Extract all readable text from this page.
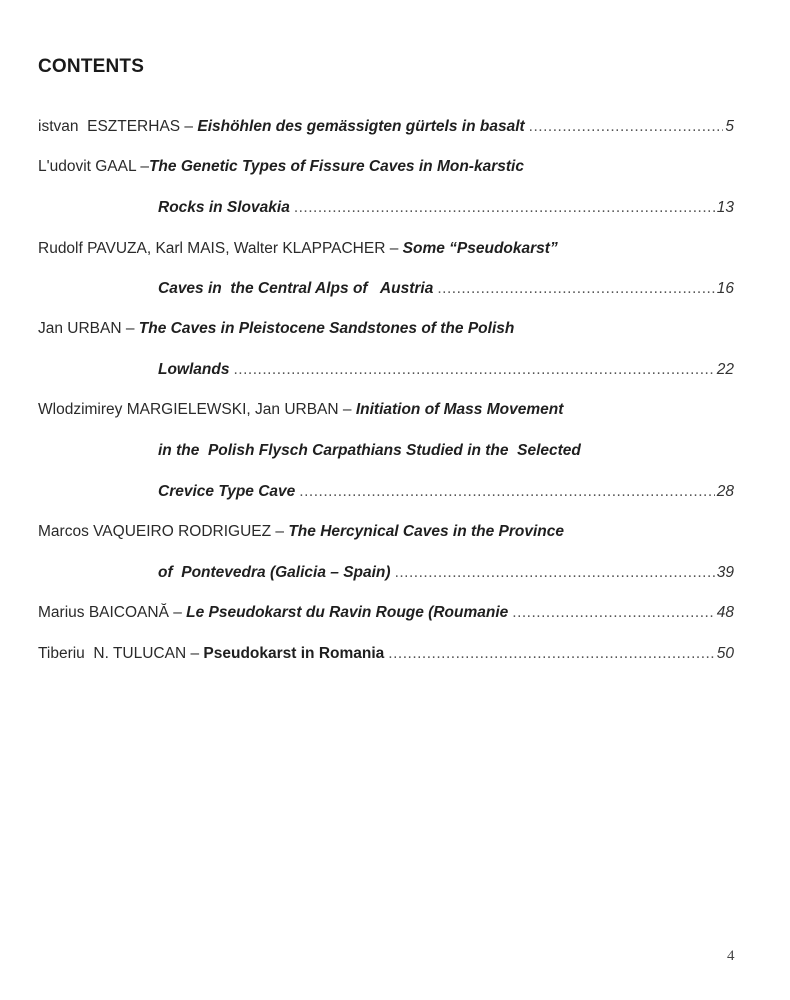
CONTENTS
istvan  ESZTERHAS – Eishöhlen des gemässigten gürtels in basalt .....	5
L'udovit GAAL – The Genetic Types of Fissure Caves in Mon-karstic
Rocks in Slovakia .....	13
Rudolf PAVUZA, Karl MAIS, Walter KLAPPACHER – Some “Pseudokarst”
Caves in  the Central Alps of   Austria .....	16
Jan URBAN – The Caves in Pleistocene Sandstones of the Polish
Lowlands .....	22
Wlodzimirey MARGIELEWSKI, Jan URBAN – Initiation of Mass Movement
in the  Polish Flysch Carpathians Studied in the  Selected
Crevice Type Cave .....	28
Marcos VAQUEIRO RODRIGUEZ – The Hercynical Caves in the Province
of  Pontevedra (Galicia – Spain) .....	39
Marius BAICOANĂ – Le Pseudokarst du Ravin Rouge (Roumanie .....	48
Tiberiu  N. TULUCAN – Pseudokarst in Romania .....	50
4
